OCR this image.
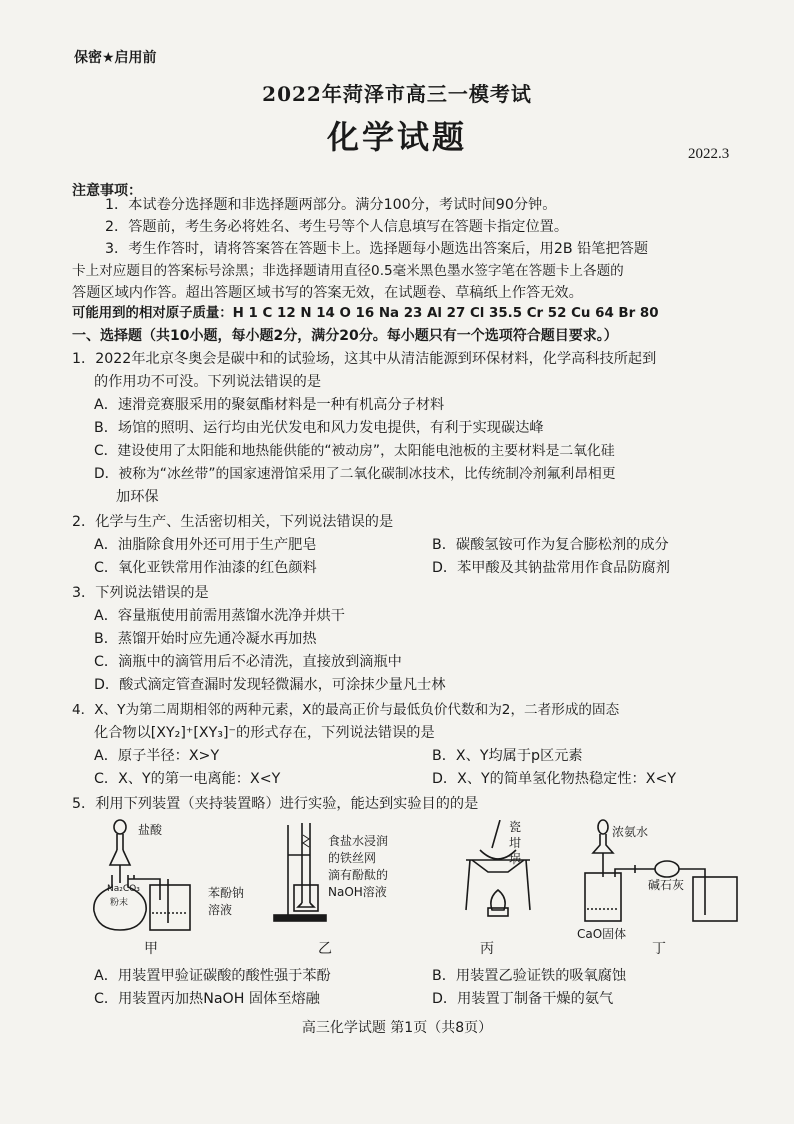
保密★启用前
2022年菏泽市高三一模考试
化学试题	2022.3
注意事项：
1．本试卷分选择题和非选择题两部分。满分100分，考试时间90分钟。
2．答题前，考生务必将姓名、考生号等个人信息填写在答题卡指定位置。
3．考生作答时，请将答案答在答题卡上。选择题每小题选出答案后，用2B 铅笔把答题
卡上对应题目的答案标号涂黑；非选择题请用直径0.5毫米黑色墨水签字笔在答题卡上各题的
答题区域内作答。超出答题区域书写的答案无效，在试题卷、草稿纸上作答无效。
可能用到的相对原子质量：H 1 C 12 N 14 O 16 Na 23 Al 27 Cl 35.5 Cr 52 Cu 64 Br 80
一、选择题（共10小题，每小题2分，满分20分。每小题只有一个选项符合题目要求。）
1．2022年北京冬奥会是碳中和的试验场，这其中从清洁能源到环保材料，化学高科技所起到
的作用功不可没。下列说法错误的是
A．速滑竞赛服采用的聚氨酯材料是一种有机高分子材料
B．场馆的照明、运行均由光伏发电和风力发电提供，有利于实现碳达峰
C．建设使用了太阳能和地热能供能的“被动房”，太阳能电池板的主要材料是二氧化硅
D．被称为“冰丝带”的国家速滑馆采用了二氧化碳制冰技术，比传统制冷剂氟利昂相更
加环保
2．化学与生产、生活密切相关，下列说法错误的是
A．油脂除食用外还可用于生产肥皂	B．碳酸氢铵可作为复合膨松剂的成分
C．氧化亚铁常用作油漆的红色颜料	D．苯甲酸及其钠盐常用作食品防腐剂
3．下列说法错误的是
A．容量瓶使用前需用蒸馏水洗净并烘干
B．蒸馏开始时应先通冷凝水再加热
C．滴瓶中的滴管用后不必清洗，直接放到滴瓶中
D．酸式滴定管查漏时发现轻微漏水，可涂抹少量凡士林
4．X、Y为第二周期相邻的两种元素，X的最高正价与最低负价代数和为2，二者形成的固态
化合物以[XY₂]⁺[XY₃]⁻的形式存在，下列说法错误的是
A．原子半径：X>Y	B．X、Y均属于p区元素
C．X、Y的第一电离能：X<Y	D．X、Y的简单氢化物热稳定性：X<Y
5．利用下列装置（夹持装置略）进行实验，能达到实验目的的是
盐酸
Na₂CO₃
粉末
苯酚钠
溶液
甲
食盐水浸润
的铁丝网
滴有酚酞的
NaOH溶液
乙
瓷
坩
埚
丙
浓氨水
碱石灰
CaO固体
丁
A．用装置甲验证碳酸的酸性强于苯酚	B．用装置乙验证铁的吸氧腐蚀
C．用装置丙加热NaOH 固体至熔融	D．用装置丁制备干燥的氨气
高三化学试题 第1页（共8页）
